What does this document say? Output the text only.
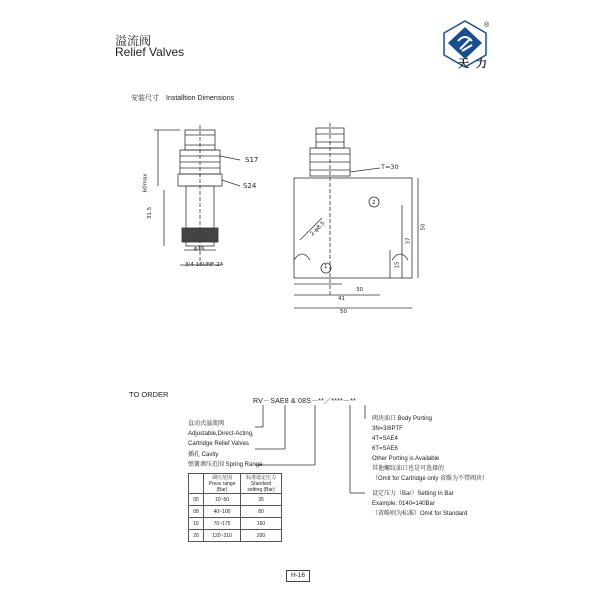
溢流阀
Relief Valves
®
天力
安装尺寸　Installtion Dimensions
S17
S24
60max
31.5
φ16
3/4-16UNF-2A
T=30
2-φ8.5
1
2
15
37
50
30
41
50
TO ORDER
RV－SAE8 & 08S－**／****－**
直动式溢流阀
Adjustable,Direct-Acting,
Cartridge Relief Valves
插孔 Cavity
弹簧调压范围 Spring Range
阀块油口 Body Porting
3N=3/8PTF
4T=SAE4
6T=SAE6
Other Porting is Available
其他螺纹油口也是可选择的
（Omit for Cartridge only 省略为不带阀块）
设定压力（Bar）Setting In Bar
Example: 0140=140Bar
（省略则为标准）Omit for Standard
	调压范围 Press range (Bar)	标准设定压力 Standard setting (Bar)
05	10~50	35
08	40~100	80
16	70~175	160
20	120~210	200
H-16
